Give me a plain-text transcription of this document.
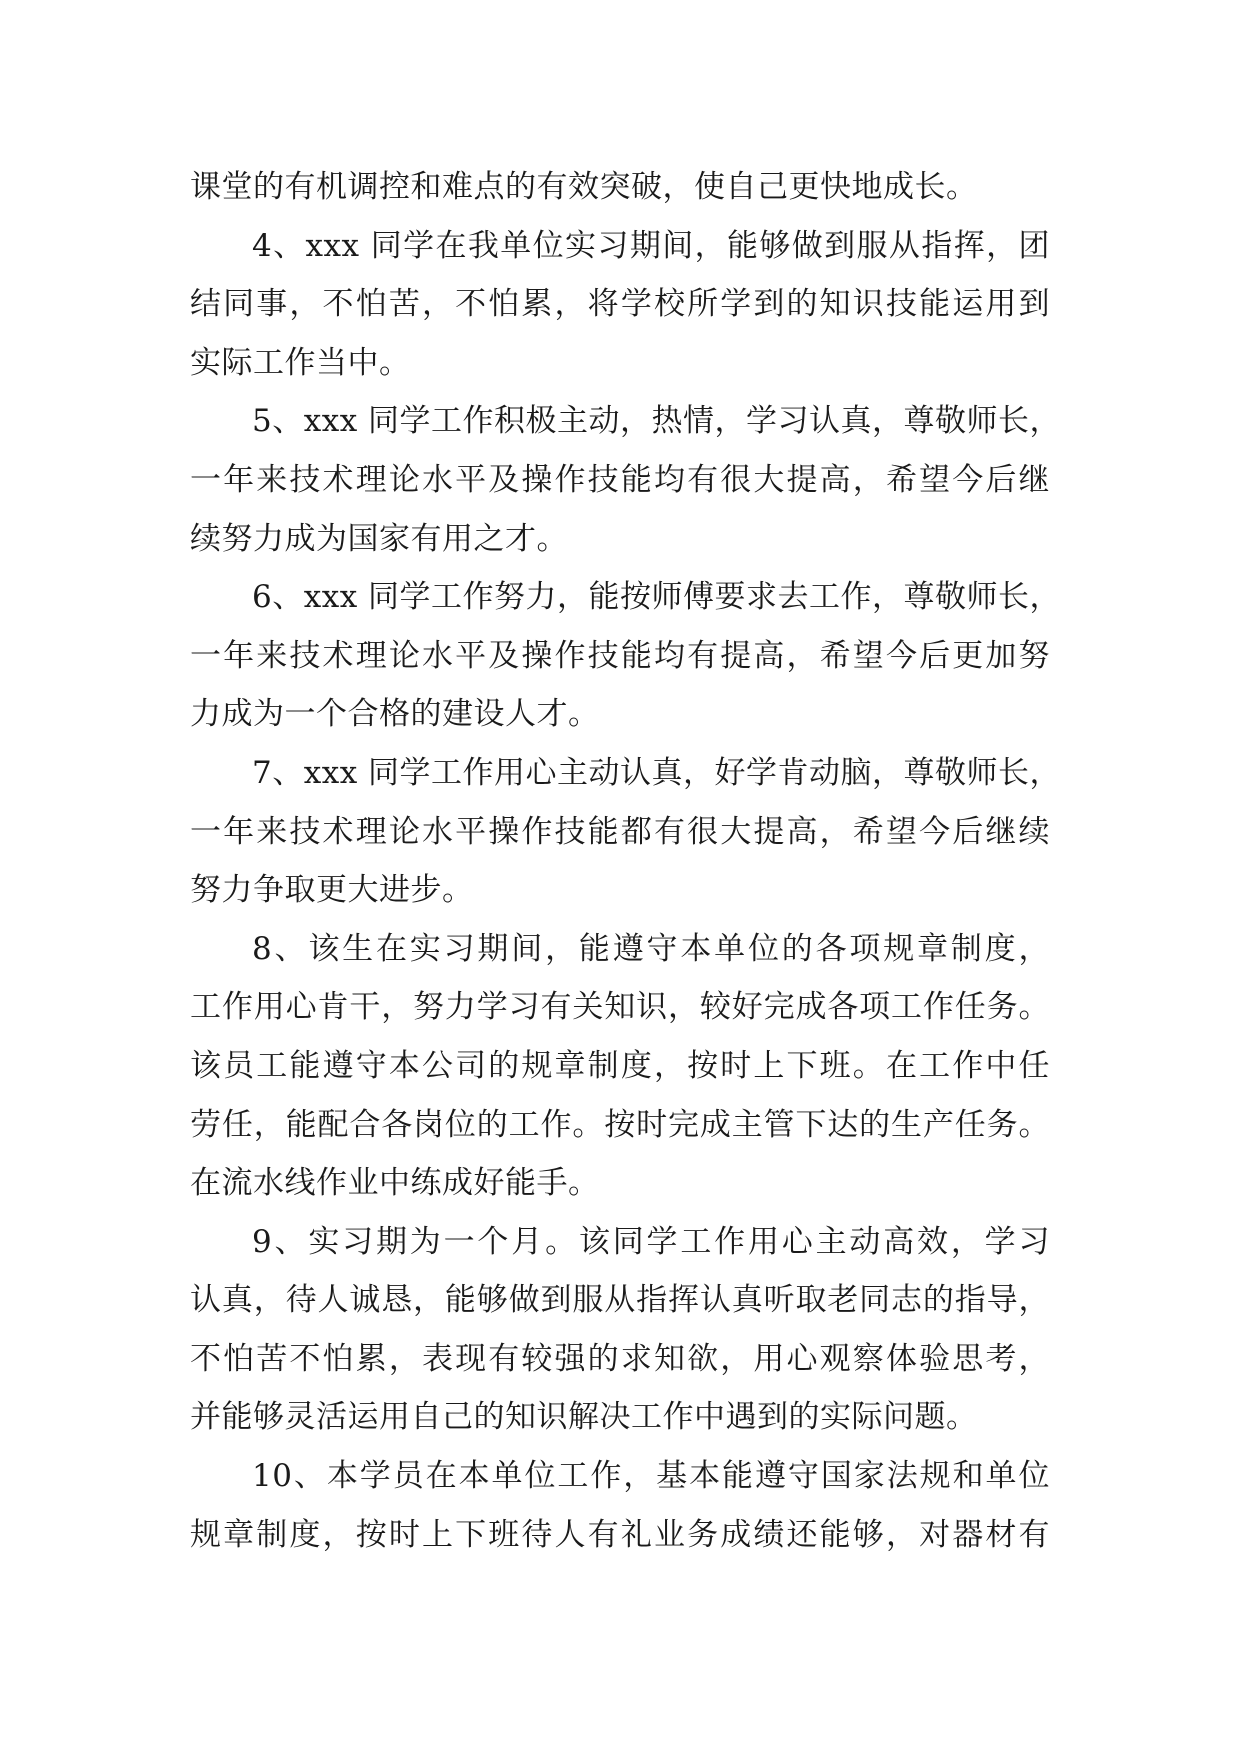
课堂的有机调控和难点的有效突破，使自己更快地成长。
4、xxx 同学在我单位实习期间，能够做到服从指挥，团
结同事，不怕苦，不怕累，将学校所学到的知识技能运用到
实际工作当中。
5、xxx 同学工作积极主动，热情，学习认真，尊敬师长，
一年来技术理论水平及操作技能均有很大提高，希望今后继
续努力成为国家有用之才。
6、xxx 同学工作努力，能按师傅要求去工作，尊敬师长，
一年来技术理论水平及操作技能均有提高，希望今后更加努
力成为一个合格的建设人才。
7、xxx 同学工作用心主动认真，好学肯动脑，尊敬师长，
一年来技术理论水平操作技能都有很大提高，希望今后继续
努力争取更大进步。
8、该生在实习期间，能遵守本单位的各项规章制度，
工作用心肯干，努力学习有关知识，较好完成各项工作任务。
该员工能遵守本公司的规章制度，按时上下班。在工作中任
劳任，能配合各岗位的工作。按时完成主管下达的生产任务。
在流水线作业中练成好能手。
9、实习期为一个月。该同学工作用心主动高效，学习
认真，待人诚恳，能够做到服从指挥认真听取老同志的指导，
不怕苦不怕累，表现有较强的求知欲，用心观察体验思考，
并能够灵活运用自己的知识解决工作中遇到的实际问题。
10、本学员在本单位工作，基本能遵守国家法规和单位
规章制度，按时上下班待人有礼业务成绩还能够，对器材有
